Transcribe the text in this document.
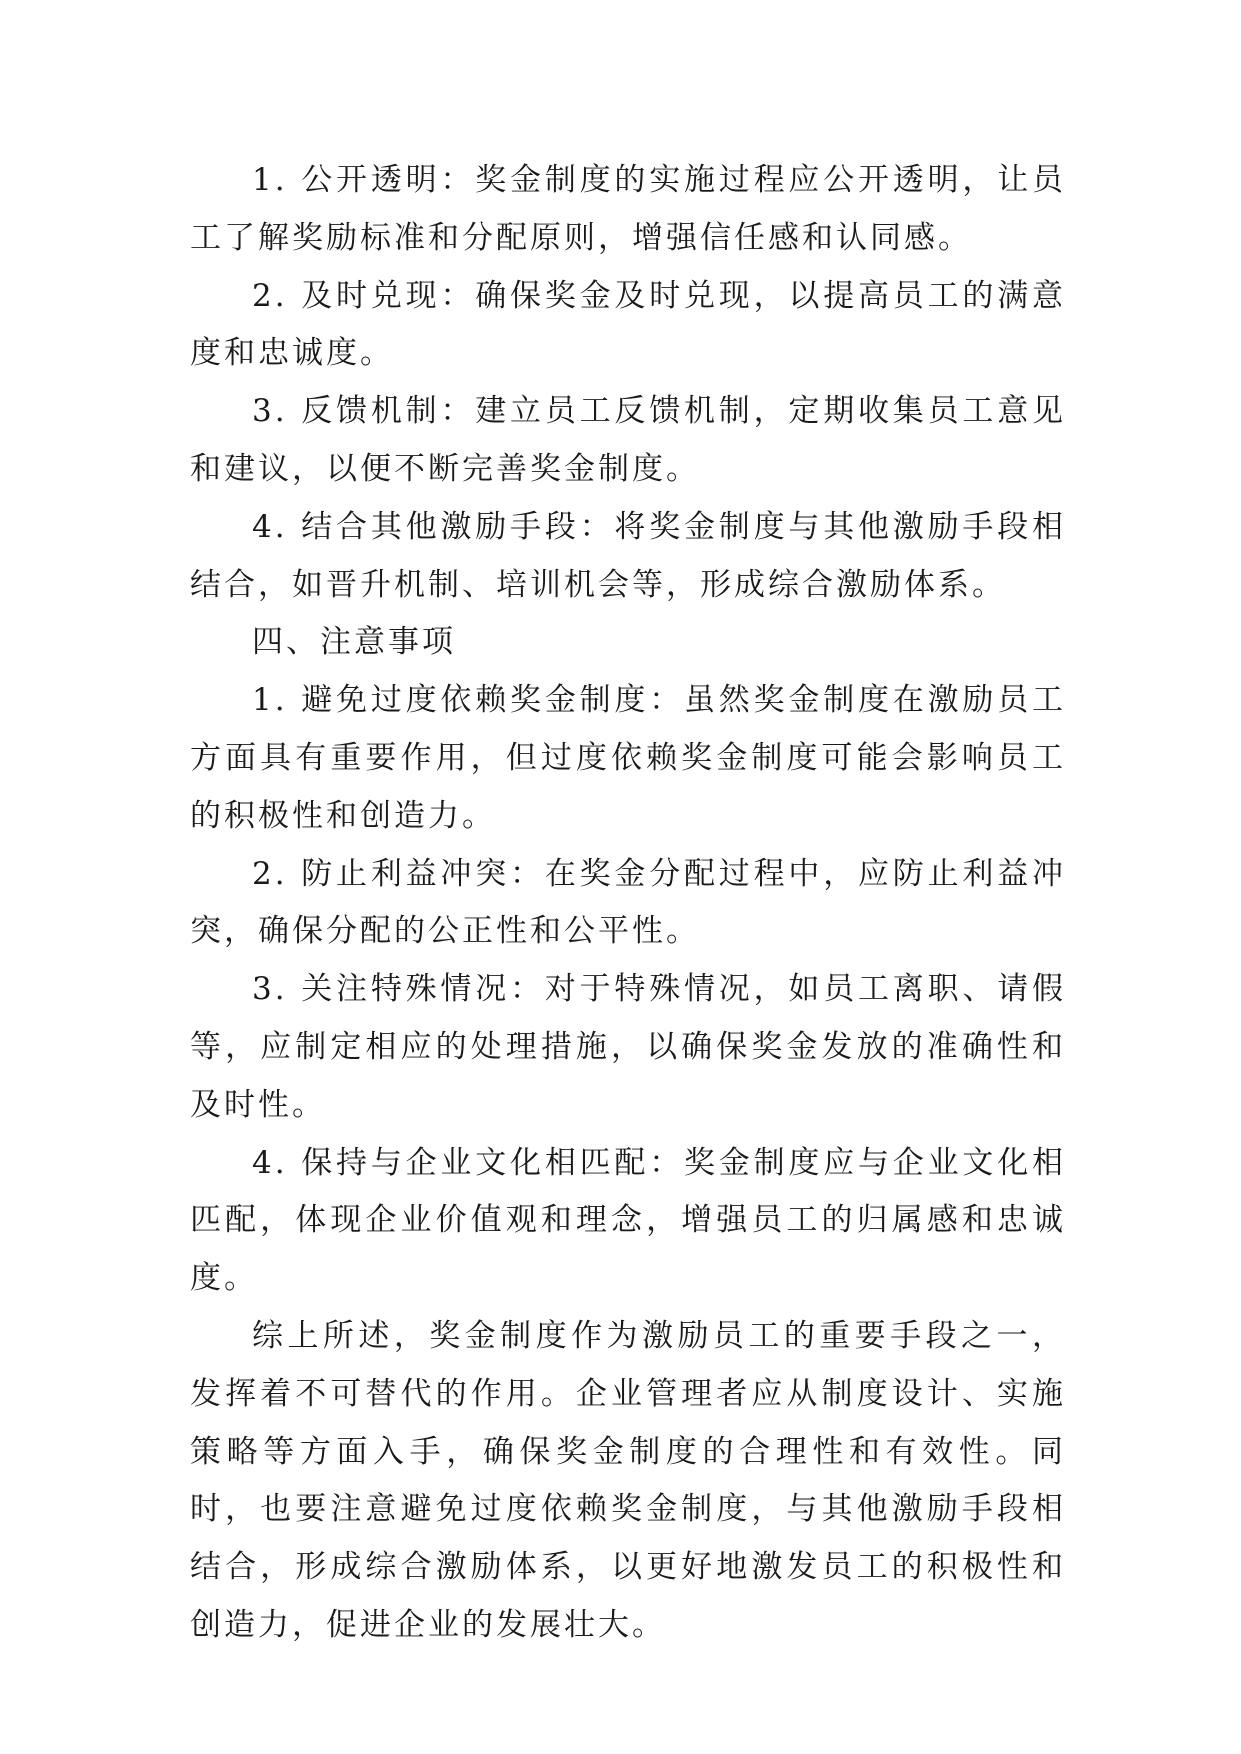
1. 公开透明：奖金制度的实施过程应公开透明，让员工了解奖励标准和分配原则，增强信任感和认同感。

2. 及时兑现：确保奖金及时兑现，以提高员工的满意度和忠诚度。

3. 反馈机制：建立员工反馈机制，定期收集员工意见和建议，以便不断完善奖金制度。

4. 结合其他激励手段：将奖金制度与其他激励手段相结合，如晋升机制、培训机会等，形成综合激励体系。

四、注意事项

1. 避免过度依赖奖金制度：虽然奖金制度在激励员工方面具有重要作用，但过度依赖奖金制度可能会影响员工的积极性和创造力。

2. 防止利益冲突：在奖金分配过程中，应防止利益冲突，确保分配的公正性和公平性。

3. 关注特殊情况：对于特殊情况，如员工离职、请假等，应制定相应的处理措施，以确保奖金发放的准确性和及时性。

4. 保持与企业文化相匹配：奖金制度应与企业文化相匹配，体现企业价值观和理念，增强员工的归属感和忠诚度。

综上所述，奖金制度作为激励员工的重要手段之一，发挥着不可替代的作用。企业管理者应从制度设计、实施策略等方面入手，确保奖金制度的合理性和有效性。同时，也要注意避免过度依赖奖金制度，与其他激励手段相结合，形成综合激励体系，以更好地激发员工的积极性和创造力，促进企业的发展壮大。
